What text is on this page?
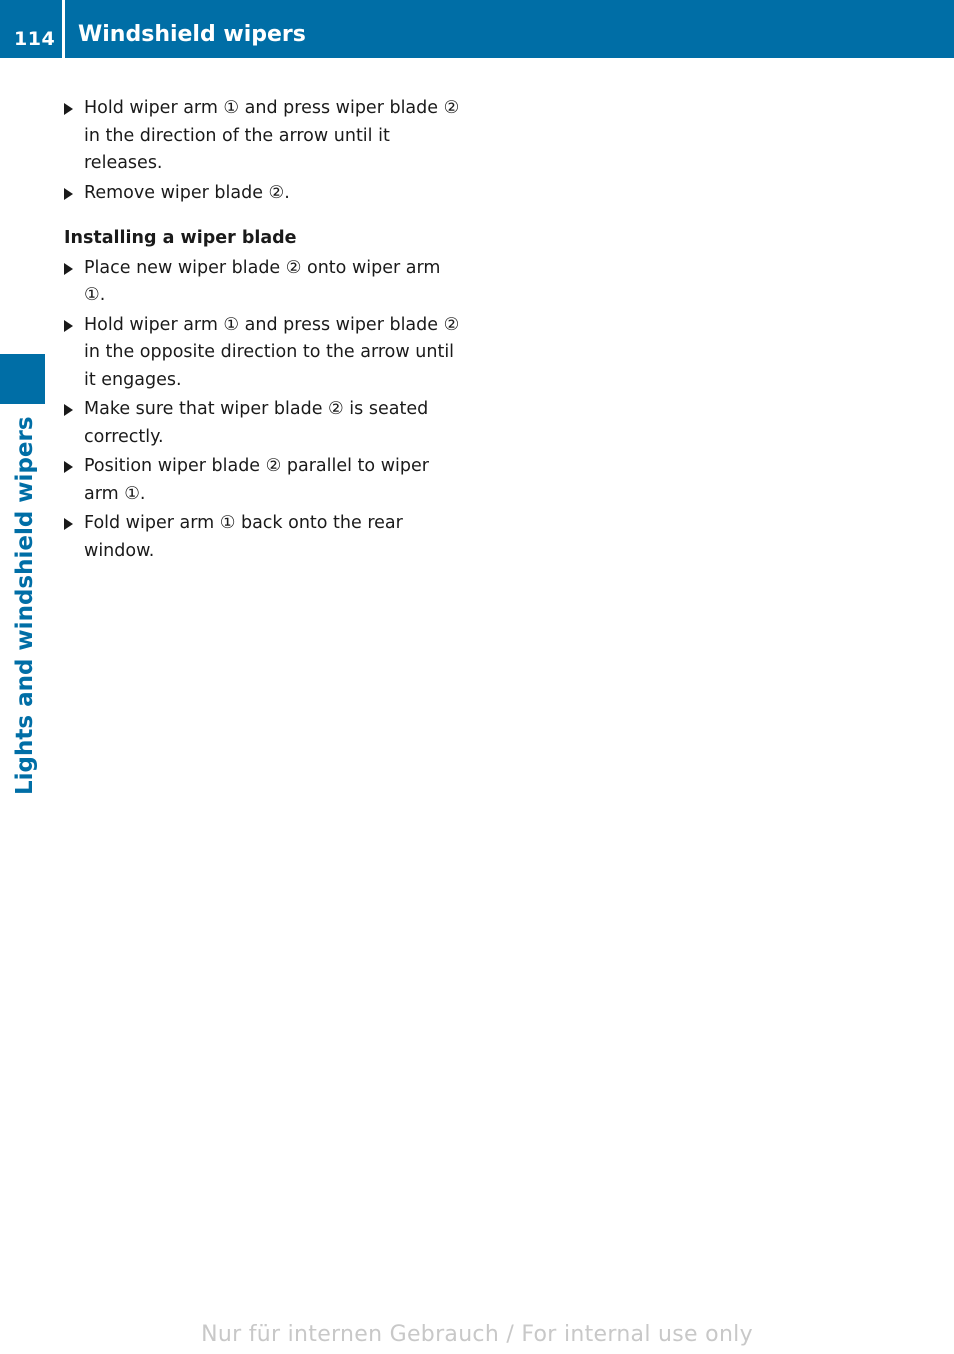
114 Windshield wipers
Lights and windshield wipers
Hold wiper arm ① and press wiper blade ② in the direction of the arrow until it releases.
Remove wiper blade ②.
Installing a wiper blade
Place new wiper blade ② onto wiper arm ①.
Hold wiper arm ① and press wiper blade ② in the opposite direction to the arrow until it engages.
Make sure that wiper blade ② is seated correctly.
Position wiper blade ② parallel to wiper arm ①.
Fold wiper arm ① back onto the rear window.
Nur für internen Gebrauch / For internal use only
